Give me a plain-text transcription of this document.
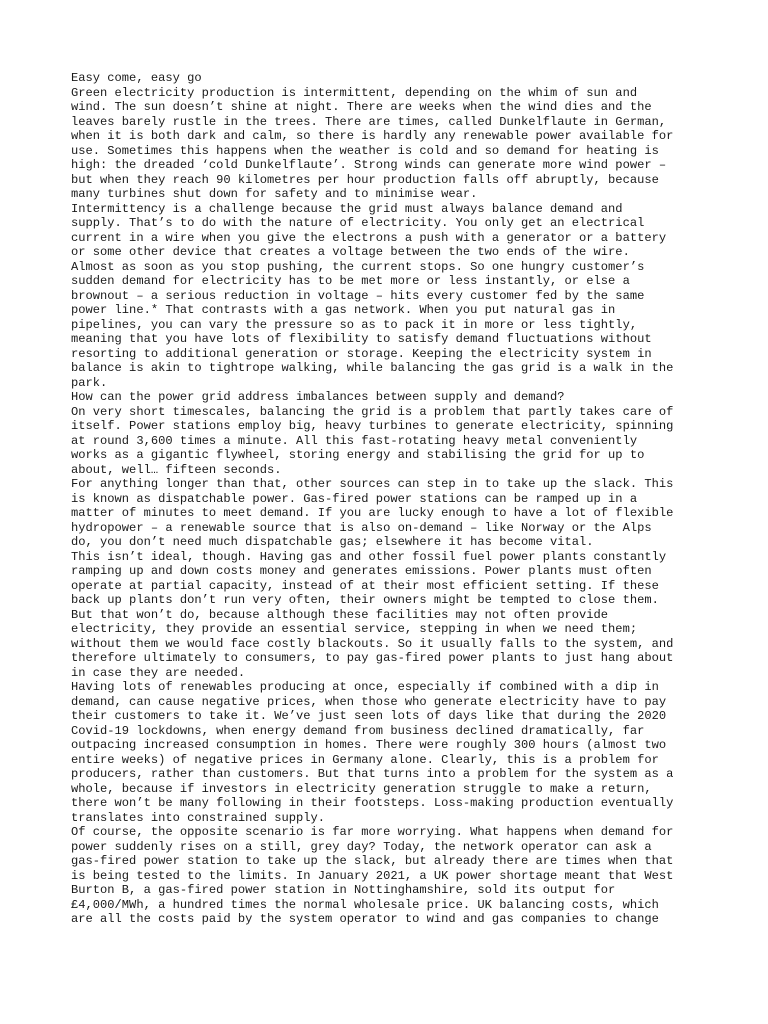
Easy come, easy go
Green electricity production is intermittent, depending on the whim of sun and
wind. The sun doesn’t shine at night. There are weeks when the wind dies and the
leaves barely rustle in the trees. There are times, called Dunkelflaute in German,
when it is both dark and calm, so there is hardly any renewable power available for
use. Sometimes this happens when the weather is cold and so demand for heating is
high: the dreaded ‘cold Dunkelflaute’. Strong winds can generate more wind power –
but when they reach 90 kilometres per hour production falls off abruptly, because
many turbines shut down for safety and to minimise wear.
Intermittency is a challenge because the grid must always balance demand and
supply. That’s to do with the nature of electricity. You only get an electrical
current in a wire when you give the electrons a push with a generator or a battery
or some other device that creates a voltage between the two ends of the wire.
Almost as soon as you stop pushing, the current stops. So one hungry customer’s
sudden demand for electricity has to be met more or less instantly, or else a
brownout – a serious reduction in voltage – hits every customer fed by the same
power line.* That contrasts with a gas network. When you put natural gas in
pipelines, you can vary the pressure so as to pack it in more or less tightly,
meaning that you have lots of flexibility to satisfy demand fluctuations without
resorting to additional generation or storage. Keeping the electricity system in
balance is akin to tightrope walking, while balancing the gas grid is a walk in the
park.
How can the power grid address imbalances between supply and demand?
On very short timescales, balancing the grid is a problem that partly takes care of
itself. Power stations employ big, heavy turbines to generate electricity, spinning
at round 3,600 times a minute. All this fast-rotating heavy metal conveniently
works as a gigantic flywheel, storing energy and stabilising the grid for up to
about, well… fifteen seconds.
For anything longer than that, other sources can step in to take up the slack. This
is known as dispatchable power. Gas-fired power stations can be ramped up in a
matter of minutes to meet demand. If you are lucky enough to have a lot of flexible
hydropower – a renewable source that is also on-demand – like Norway or the Alps
do, you don’t need much dispatchable gas; elsewhere it has become vital.
This isn’t ideal, though. Having gas and other fossil fuel power plants constantly
ramping up and down costs money and generates emissions. Power plants must often
operate at partial capacity, instead of at their most efficient setting. If these
back up plants don’t run very often, their owners might be tempted to close them.
But that won’t do, because although these facilities may not often provide
electricity, they provide an essential service, stepping in when we need them;
without them we would face costly blackouts. So it usually falls to the system, and
therefore ultimately to consumers, to pay gas-fired power plants to just hang about
in case they are needed.
Having lots of renewables producing at once, especially if combined with a dip in
demand, can cause negative prices, when those who generate electricity have to pay
their customers to take it. We’ve just seen lots of days like that during the 2020
Covid-19 lockdowns, when energy demand from business declined dramatically, far
outpacing increased consumption in homes. There were roughly 300 hours (almost two
entire weeks) of negative prices in Germany alone. Clearly, this is a problem for
producers, rather than customers. But that turns into a problem for the system as a
whole, because if investors in electricity generation struggle to make a return,
there won’t be many following in their footsteps. Loss-making production eventually
translates into constrained supply.
Of course, the opposite scenario is far more worrying. What happens when demand for
power suddenly rises on a still, grey day? Today, the network operator can ask a
gas-fired power station to take up the slack, but already there are times when that
is being tested to the limits. In January 2021, a UK power shortage meant that West
Burton B, a gas-fired power station in Nottinghamshire, sold its output for
£4,000/MWh, a hundred times the normal wholesale price. UK balancing costs, which
are all the costs paid by the system operator to wind and gas companies to change
